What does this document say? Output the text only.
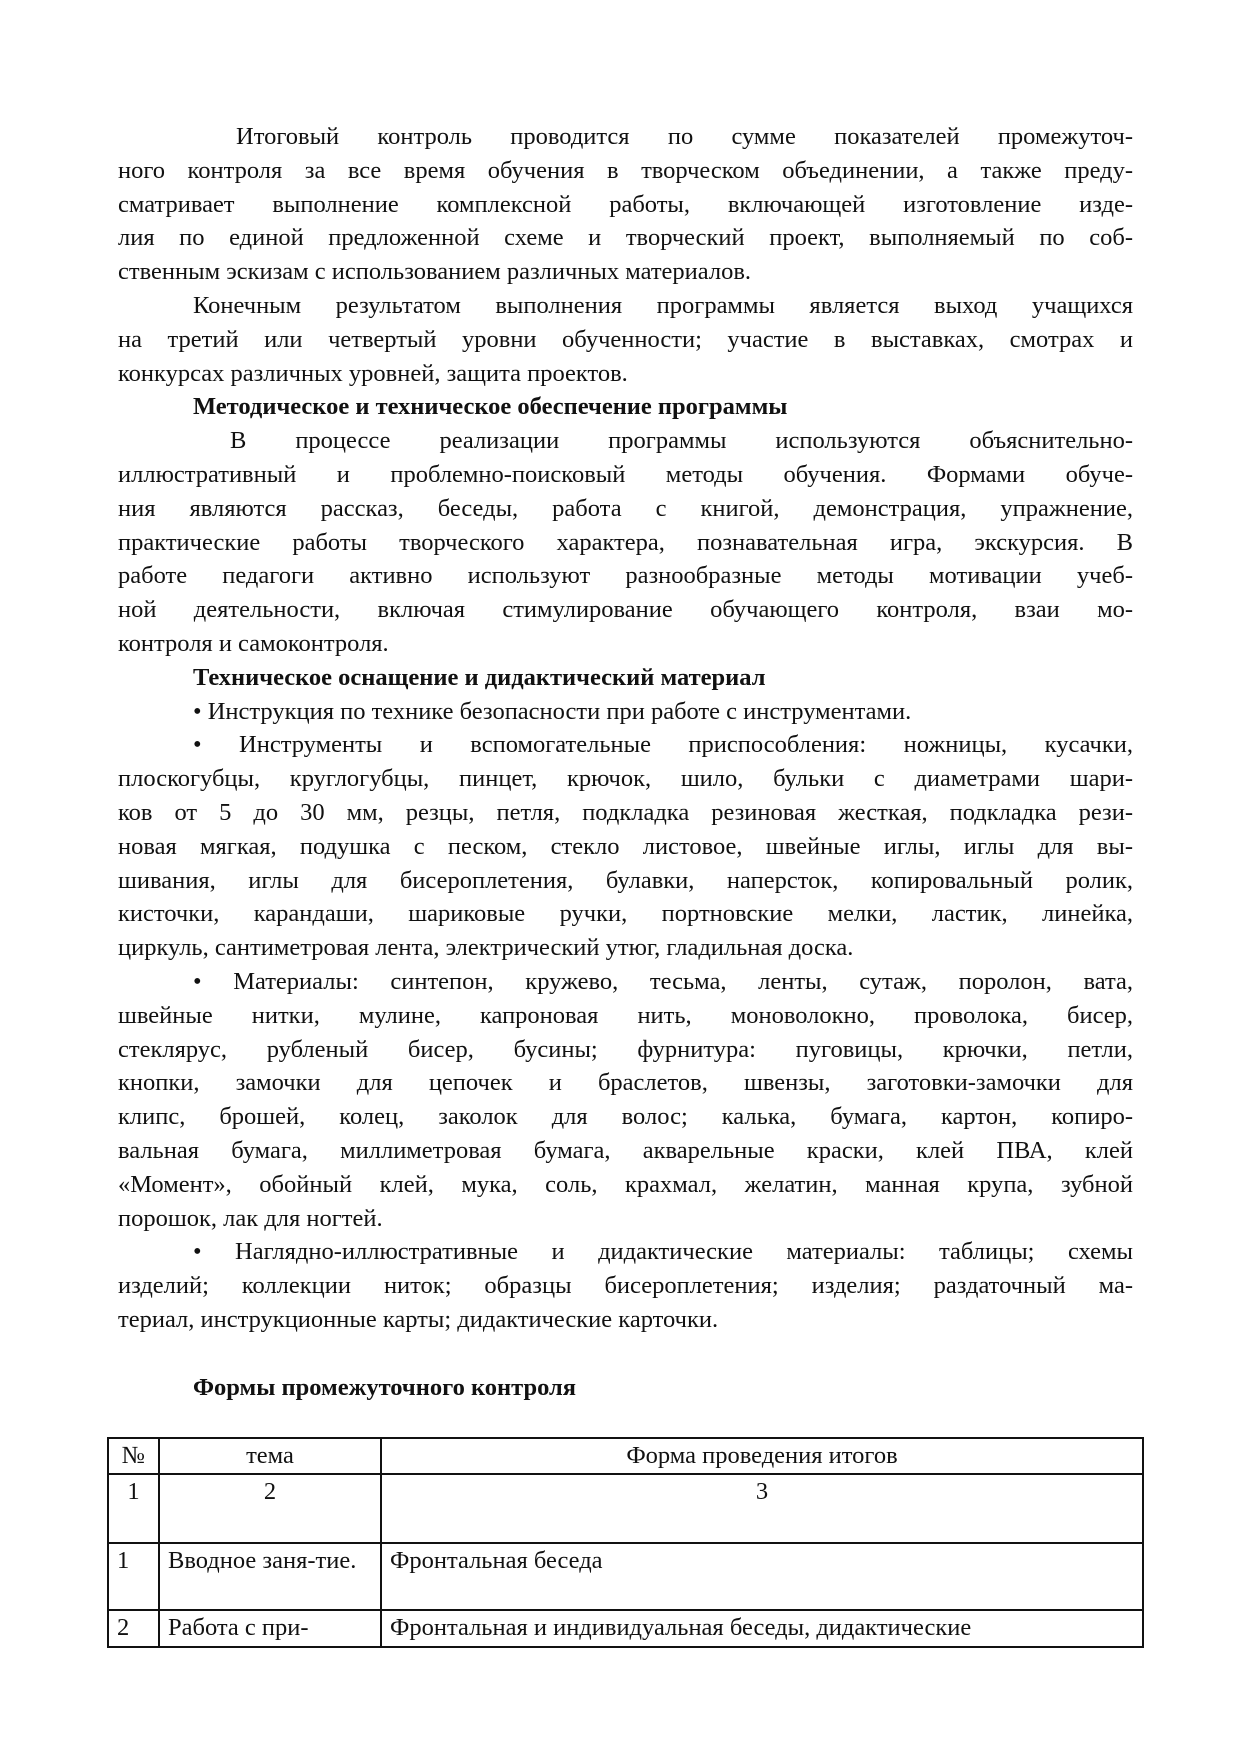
Итоговый контроль проводится по сумме показателей промежуточ-
ного контроля за все время обучения в творческом объединении, а также преду-
сматривает выполнение комплексной работы, включающей изготовление изде-
лия по единой предложенной схеме и творческий проект, выполняемый по соб-
ственным эскизам с использованием различных материалов.
Конечным результатом выполнения программы является выход учащихся
на третий или четвертый уровни обученности; участие в выставках, смотрах и
конкурсах различных уровней, защита проектов.
Методическое и техническое обеспечение программы
В процессе реализации программы используются объяснительно-
иллюстративный и проблемно-поисковый методы обучения. Формами обуче-
ния являются рассказ, беседы, работа с книгой, демонстрация, упражнение,
практические работы творческого характера, познавательная игра, экскурсия. В
работе педагоги активно используют разнообразные методы мотивации учеб-
ной деятельности, включая стимулирование обучающего контроля, взаи мо-
контроля и самоконтроля.
Техническое оснащение и дидактический материал
• Инструкция по технике безопасности при работе с инструментами.
• Инструменты и вспомогательные приспособления: ножницы, кусачки,
плоскогубцы, круглогубцы, пинцет, крючок, шило, бульки с диаметрами шари-
ков от 5 до 30 мм, резцы, петля, подкладка резиновая жесткая, подкладка рези-
новая мягкая, подушка с песком, стекло листовое, швейные иглы, иглы для вы-
шивания, иглы для бисероплетения, булавки, наперсток, копировальный ролик,
кисточки, карандаши, шариковые ручки, портновские мелки, ластик, линейка,
циркуль, сантиметровая лента, электрический утюг, гладильная доска.
• Материалы: синтепон, кружево, тесьма, ленты, сутаж, поролон, вата,
швейные нитки, мулине, капроновая нить, моноволокно, проволока, бисер,
стеклярус, рубленый бисер, бусины; фурнитура: пуговицы, крючки, петли,
кнопки, замочки для цепочек и браслетов, швензы, заготовки-замочки для
клипс, брошей, колец, заколок для волос; калька, бумага, картон, копиро-
вальная бумага, миллиметровая бумага, акварельные краски, клей ПВА, клей
«Момент», обойный клей, мука, соль, крахмал, желатин, манная крупа, зубной
порошок, лак для ногтей.
• Наглядно-иллюстративные и дидактические материалы: таблицы; схемы
изделий; коллекции ниток; образцы бисероплетения; изделия; раздаточный ма-
териал, инструкционные карты; дидактические карточки.
Формы промежуточного контроля
№	тема	Форма проведения итогов
1	2	3
1	Вводное заня-тие.	Фронтальная беседа
2	Работа с при-	Фронтальная и индивидуальная беседы, дидактические
